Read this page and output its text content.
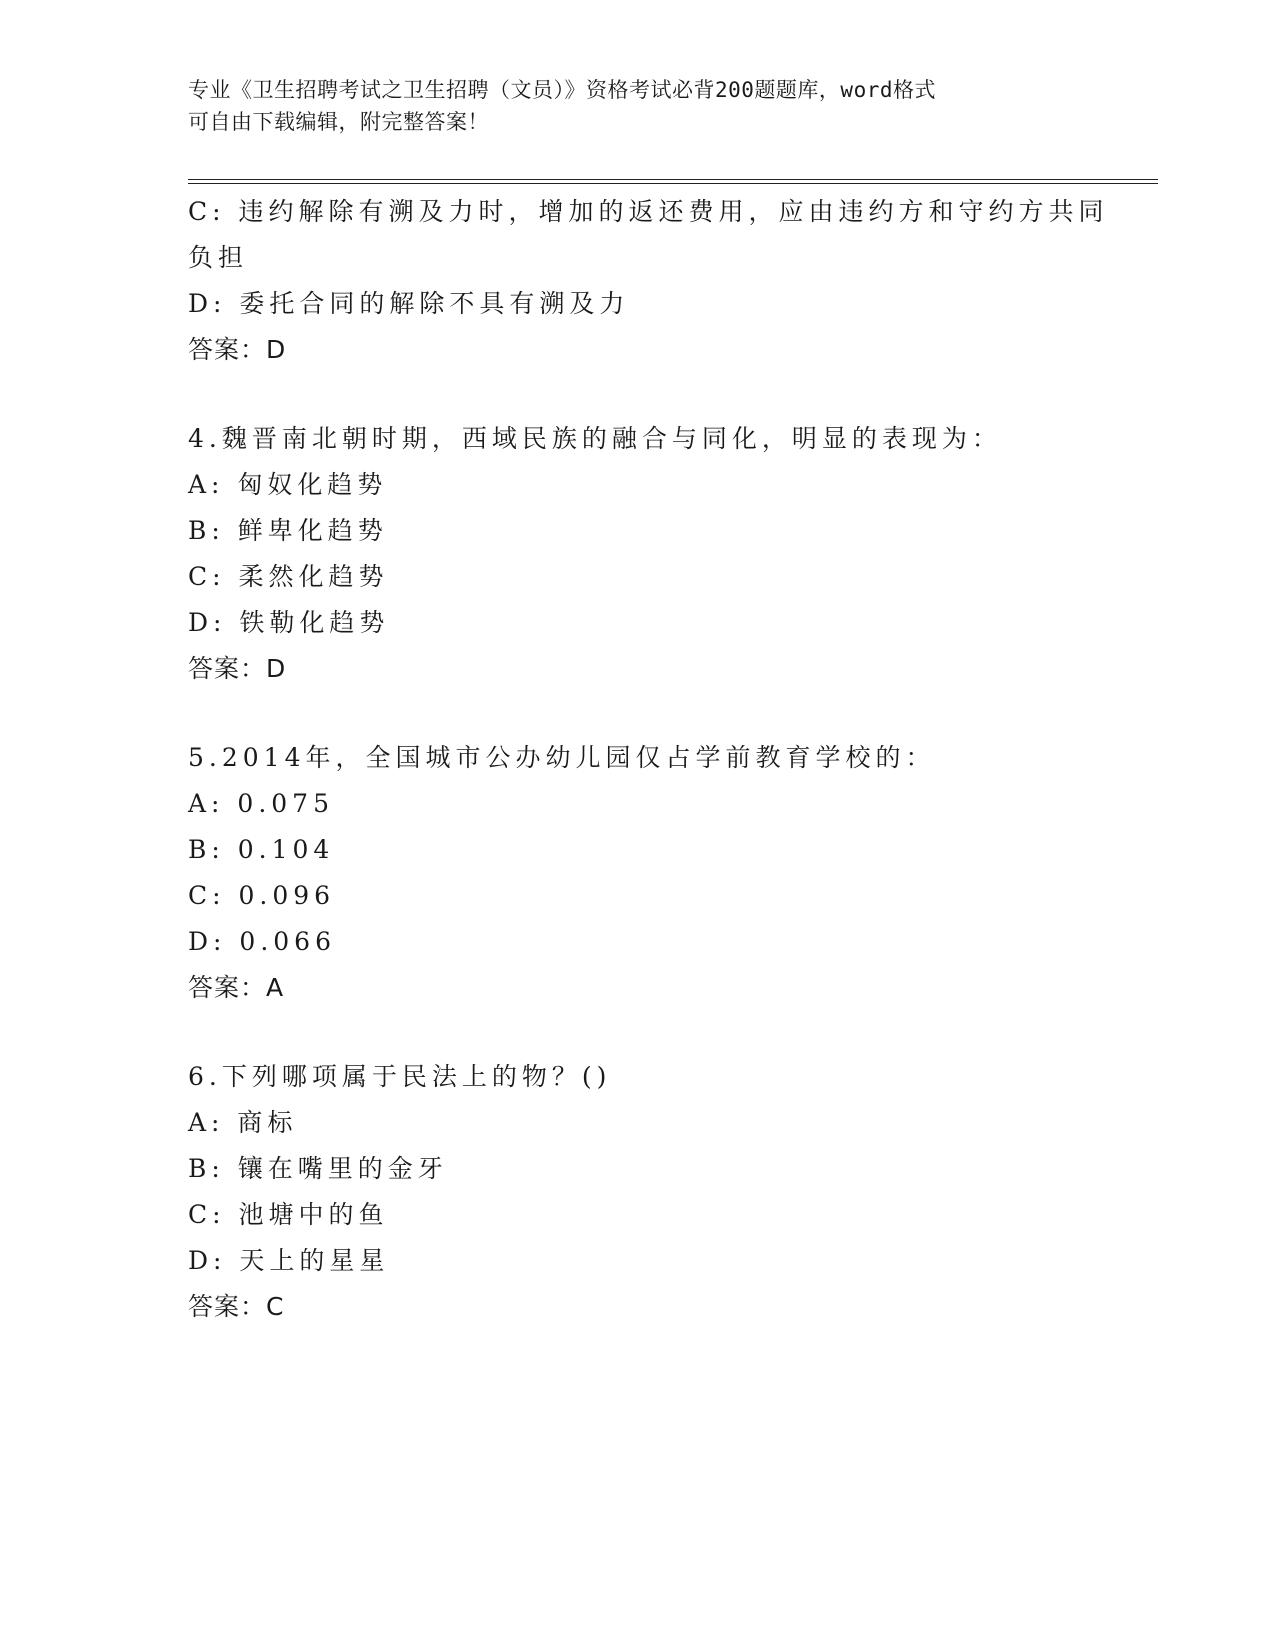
专业《卫生招聘考试之卫生招聘（文员）》资格考试必背200题题库，word格式
可自由下载编辑，附完整答案！
C: 违约解除有溯及力时，增加的返还费用，应由违约方和守约方共同
负担
D: 委托合同的解除不具有溯及力
答案：D
4.魏晋南北朝时期，西域民族的融合与同化，明显的表现为：
A: 匈奴化趋势
B: 鲜卑化趋势
C: 柔然化趋势
D: 铁勒化趋势
答案：D
5.2014年，全国城市公办幼儿园仅占学前教育学校的：
A: 0.075
B: 0.104
C: 0.096
D: 0.066
答案：A
6.下列哪项属于民法上的物？()
A: 商标
B: 镶在嘴里的金牙
C: 池塘中的鱼
D: 天上的星星
答案：C
